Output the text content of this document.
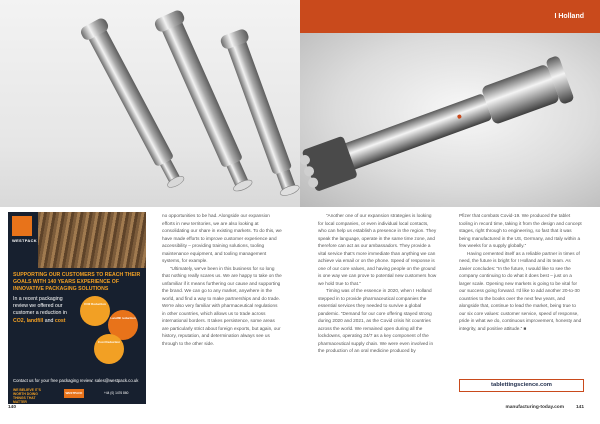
I Holland
WESTPACK
SUPPORTING OUR CUSTOMERS TO REACH THEIR GOALS WITH 140 YEARS EXPERIENCE OF INNOVATIVE PACKAGING SOLUTIONS
In a recent packaging review we offered our customer a reduction in CO2, landfill and cost
CO2 Reduction
Landfill reduction
Cost Reduction
Contact us for your free packaging review: sales@westpack.co.uk
WE BELIEVE IT'S WORTH DOING THINGS THAT MATTER
WESTPACK	+44 (0) 1476 860

no opportunities to be had. Alongside our expansion efforts in new territories, we are also looking at consolidating our share in existing markets. To do this, we have made efforts to improve customer experience and accessibility – providing training solutions, tooling maintenance equipment, and tooling management systems, for example.

“Ultimately, we've been in this business for so long that nothing really scares us. We are happy to take on the unfamiliar if it means furthering our cause and supporting the brand. We can go to any market, anywhere in the world, and find a way to make partnerships and do trade. We're also very familiar with pharmaceutical regulations in other countries, which allows us to trade across international borders. It takes persistence, some areas are particularly strict about foreign exports, but again, our history, reputation, and determination always see us through to the other side.

“Another one of our expansion strategies is looking for local companies, or even individual local contacts, who can help us establish a presence in the region. They speak the language, operate in the same time zone, and therefore can act as our ambassadors. They provide a vital service that's more immediate than anything we can achieve via email or on the phone. Speed of response is one of our core values, and having people on the ground is one way we can prove to potential new customers how we hold true to that.”

Timing was of the essence in 2020, when I Holland stepped in to provide pharmaceutical companies the essential services they needed to survive a global pandemic. “Demand for our core offering stayed strong during 2020 and 2021, as the Covid crisis hit countries across the world. We remained open during all the lockdowns, operating 24/7 as a key component of the pharmaceutical supply chain. We were even involved in the production of an oral medicine produced by

Pfizer that combats Covid-19. We produced the tablet tooling in record time, taking it from the design and concept stages, right through to engineering, so fast that it was being manufactured in the US, Germany, and Italy within a few weeks for a supply globally.”

Having cemented itself as a reliable partner in times of need, the future is bright for I Holland and its team. As Javier concludes: “In the future, I would like to see the company continuing to do what it does best – just on a larger scale. Opening new markets is going to be vital for our success going forward. I'd like to add another 20-to-30 countries to the books over the next few years, and alongside that, continue to lead the market, being true to our six core values: customer service, speed of response, pride in what we do, continuous improvement, honesty and integrity, and positive attitude.” ■

tablettingscience.com
140	manufacturing-today.com 141
